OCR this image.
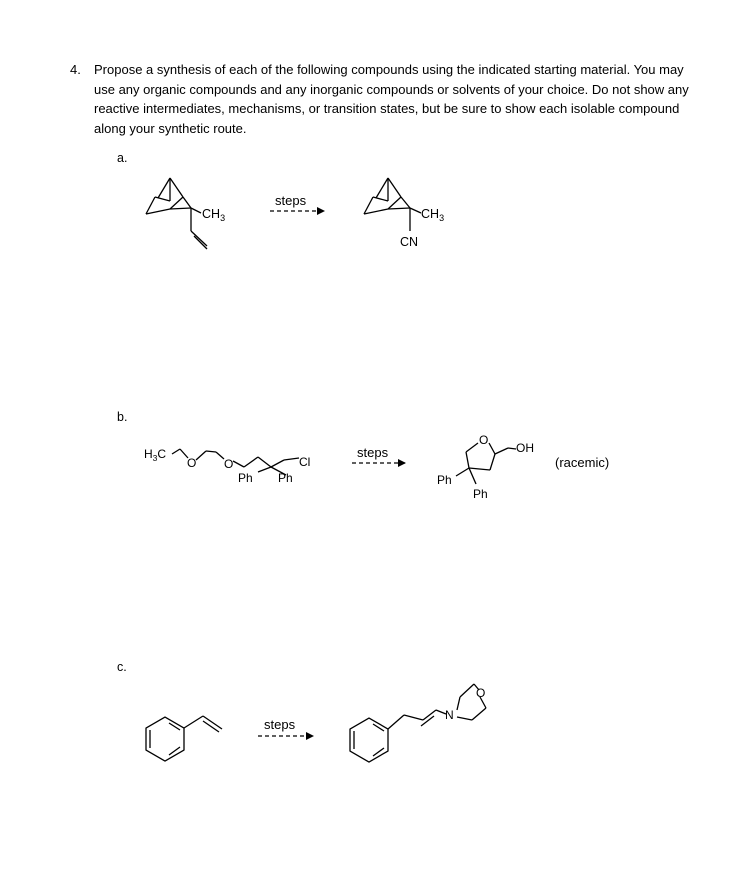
4. Propose a synthesis of each of the following compounds using the indicated starting material. You may use any organic compounds and any inorganic compounds or solvents of your choice. Do not show any reactive intermediates, mechanisms, or transition states, but be sure to show each isolable compound along your synthetic route.
a.
b.
c.
$CH_3$
steps
$CH_3$
CN
$H_3C$
O O	Cl
Ph Ph
steps
O
OH
Ph
Ph
(racemic)
steps
N
O
